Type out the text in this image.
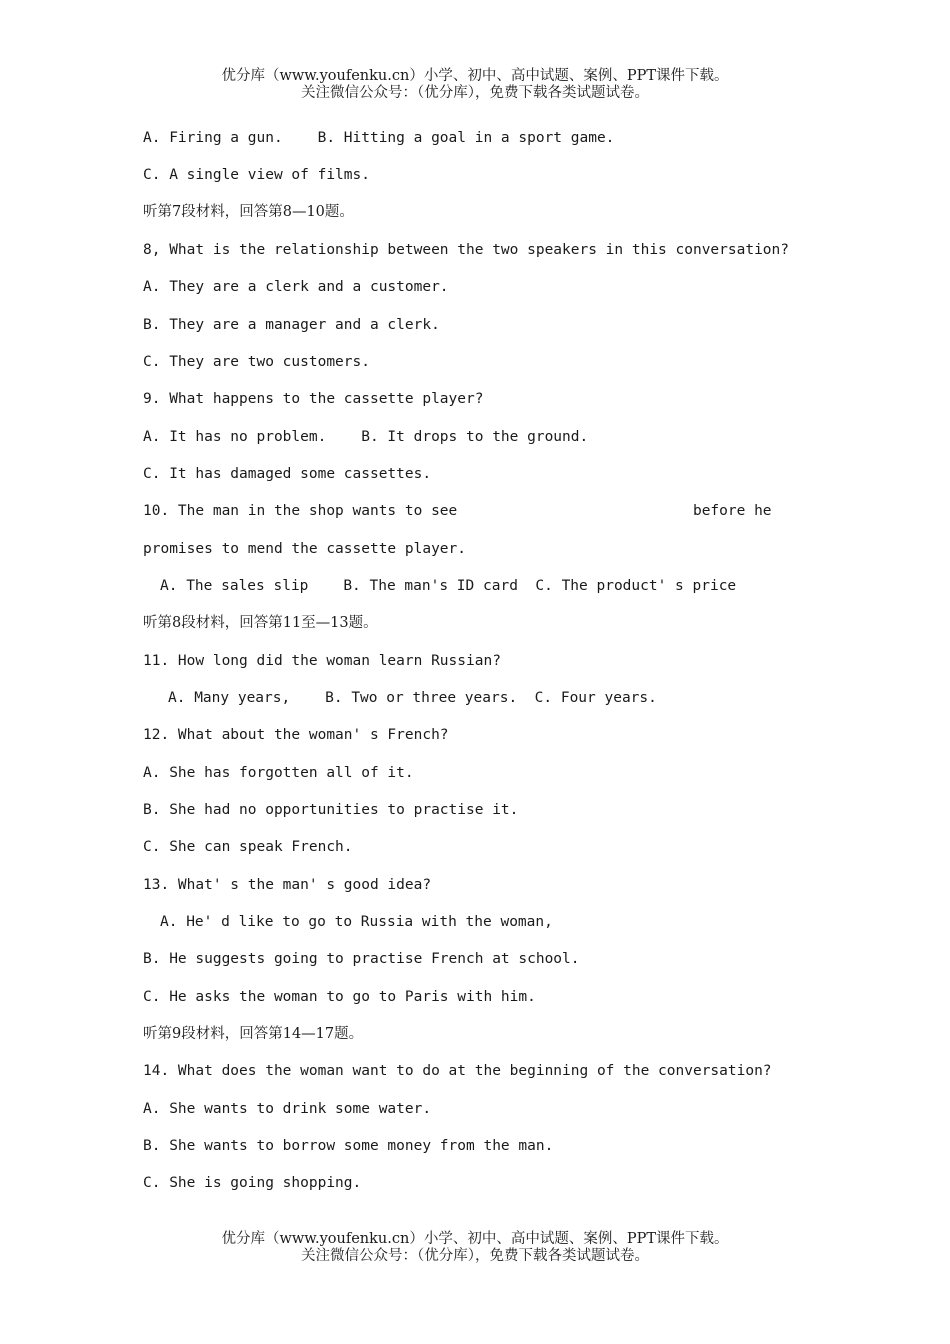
优分库（www.youfenku.cn）小学、初中、高中试题、案例、PPT课件下载。
关注微信公众号：（优分库），免费下载各类试题试卷。
A. Firing a gun.    B. Hitting a goal in a sport game.
C. A single view of films.
听第7段材料，回答第8—10题。
8, What is the relationship between the two speakers in this conversation?
A. They are a clerk and a customer.
B. They are a manager and a clerk.
C. They are two customers.
9. What happens to the cassette player?
A. It has no problem.    B. It drops to the ground.
C. It has damaged some cassettes.
10. The man in the shop wants to see                           before he
promises to mend the cassette player.
A. The sales slip    B. The man's ID card  C. The product' s price
听第8段材料，回答第11至—13题。
11. How long did the woman learn Russian?
A. Many years,    B. Two or three years.  C. Four years.
12. What about the woman' s French?
A. She has forgotten all of it.
B. She had no opportunities to practise it.
C. She can speak French.
13. What' s the man' s good idea?
A. He' d like to go to Russia with the woman,
B. He suggests going to practise French at school.
C. He asks the woman to go to Paris with him.
听第9段材料，回答第14—17题。
14. What does the woman want to do at the beginning of the conversation?
A. She wants to drink some water.
B. She wants to borrow some money from the man.
C. She is going shopping.
优分库（www.youfenku.cn）小学、初中、高中试题、案例、PPT课件下载。
关注微信公众号：（优分库），免费下载各类试题试卷。
